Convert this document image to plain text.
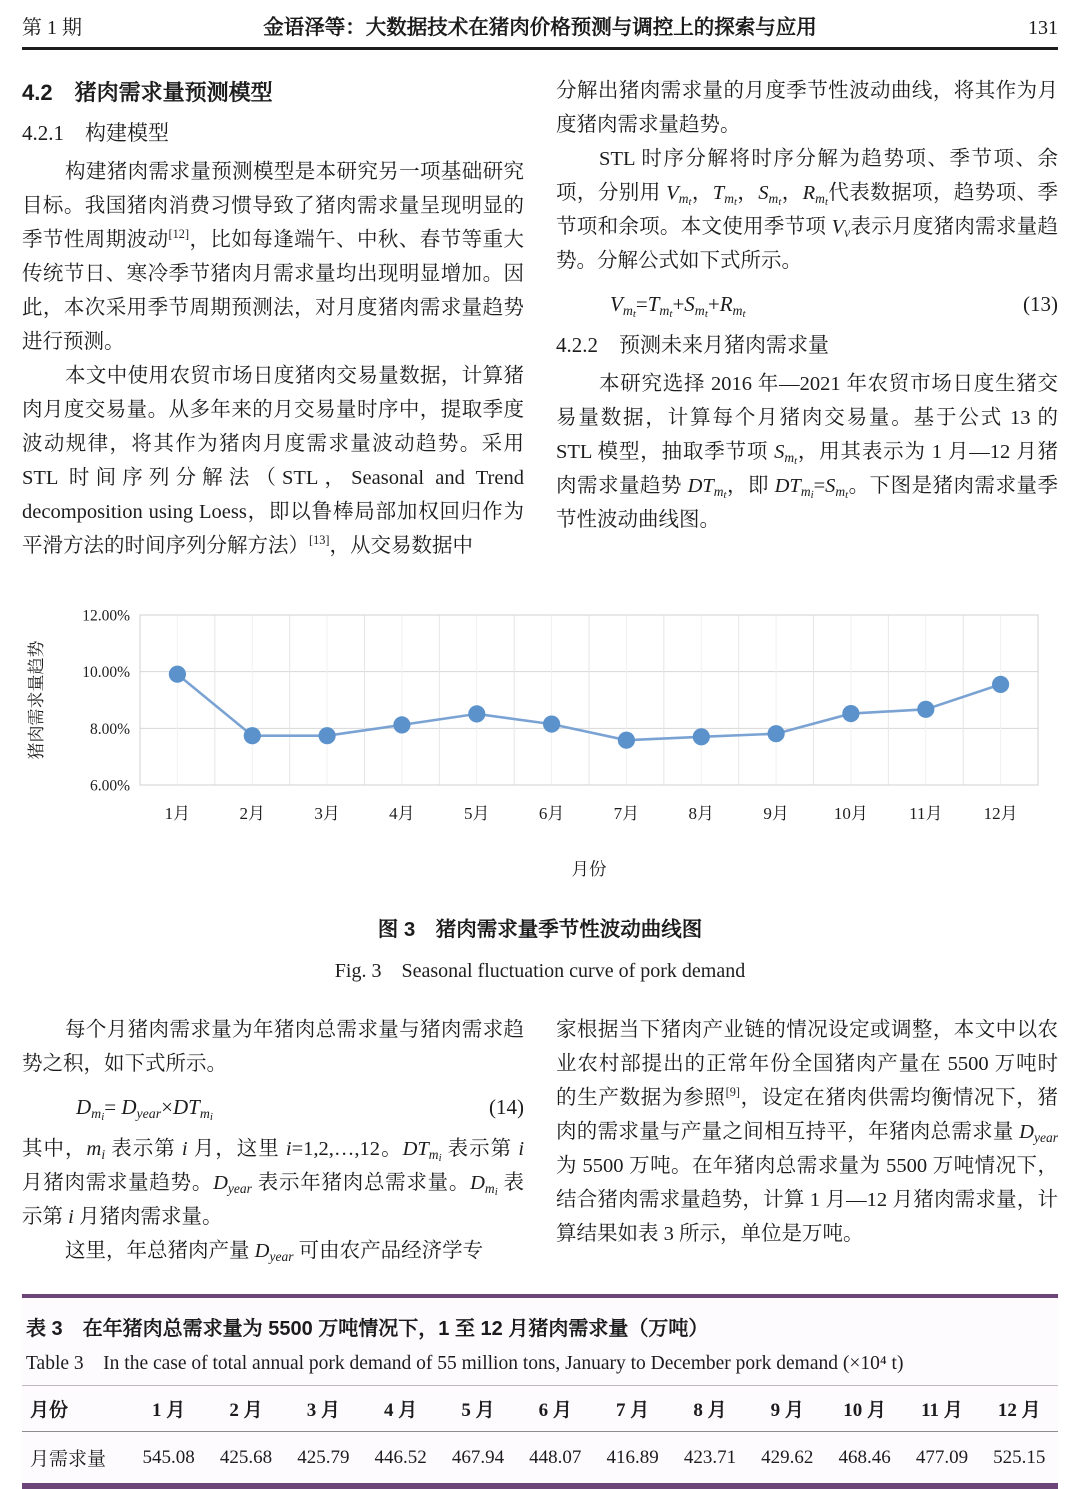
第 1 期	金语泽等：大数据技术在猪肉价格预测与调控上的探索与应用	131
4.2　猪肉需求量预测模型
4.2.1　构建模型

构建猪肉需求量预测模型是本研究另一项基础研究目标。我国猪肉消费习惯导致了猪肉需求量呈现明显的季节性周期波动[12]，比如每逢端午、中秋、春节等重大传统节日、寒冷季节猪肉月需求量均出现明显增加。因此，本次采用季节周期预测法，对月度猪肉需求量趋势进行预测。

本文中使用农贸市场日度猪肉交易量数据，计算猪肉月度交易量。从多年来的月交易量时序中，提取季度波动规律，将其作为猪肉月度需求量波动趋势。采用 STL 时间序列分解法（STL，Seasonal and Trend decomposition using Loess，即以鲁棒局部加权回归作为平滑方法的时间序列分解方法）[13]，从交易数据中

分解出猪肉需求量的月度季节性波动曲线，将其作为月度猪肉需求量趋势。

STL 时序分解将时序分解为趋势项、季节项、余项，分别用 $Vm_t$，$Tm_t$，$Sm_t$，$Rm_t$代表数据项，趋势项、季节项和余项。本文使用季节项 Vv表示月度猪肉需求量趋势。分解公式如下式所示。

$Vm_t=Tm_t+Sm_t+Rm_t$	(13)
4.2.2　预测未来月猪肉需求量

本研究选择 2016 年—2021 年农贸市场日度生猪交易量数据，计算每个月猪肉交易量。基于公式 13 的 STL 模型，抽取季节项 $Sm_t$，用其表示为 1 月—12 月猪肉需求量趋势 DTm$_t$，即 $DTm_i=Sm_t$。下图是猪肉需求量季节性波动曲线图。

6.00%
8.00%
10.00%
12.00%
1月	2月	3月	4月	5月	6月	7月	8月	9月	10月 11月 12月
月份
猪肉需求量趋势
图 3　猪肉需求量季节性波动曲线图
Fig. 3　Seasonal fluctuation curve of pork demand

每个月猪肉需求量为年猪肉总需求量与猪肉需求趋势之积，如下式所示。

$Dm_i=$ Dyear×DTm$_i$	(14)

其中，mi 表示第 i 月，这里 i=1,2,…,12。DTm$_i$ 表示第 i 月猪肉需求量趋势。Dyear 表示年猪肉总需求量。$Dm_i$ 表示第 i 月猪肉需求量。

这里，年总猪肉产量 Dyear 可由农产品经济学专

家根据当下猪肉产业链的情况设定或调整，本文中以农业农村部提出的正常年份全国猪肉产量在 5500 万吨时的生产数据为参照[9]，设定在猪肉供需均衡情况下，猪肉的需求量与产量之间相互持平，年猪肉总需求量 Dyear 为 5500 万吨。在年猪肉总需求量为 5500 万吨情况下，结合猪肉需求量趋势，计算 1 月—12 月猪肉需求量，计算结果如表 3 所示，单位是万吨。

表 3　在年猪肉总需求量为 5500 万吨情况下，1 至 12 月猪肉需求量（万吨）
Table 3　In the case of total annual pork demand of 55 million tons, January to December pork demand (×10⁴ t)
月份	1 月	2 月	3 月	4 月	5 月	6 月	7 月	8 月	9 月	10 月	11 月	12 月
月需求量	545.08	425.68	425.79	446.52	467.94	448.07	416.89	423.71	429.62	468.46	477.09	525.15
